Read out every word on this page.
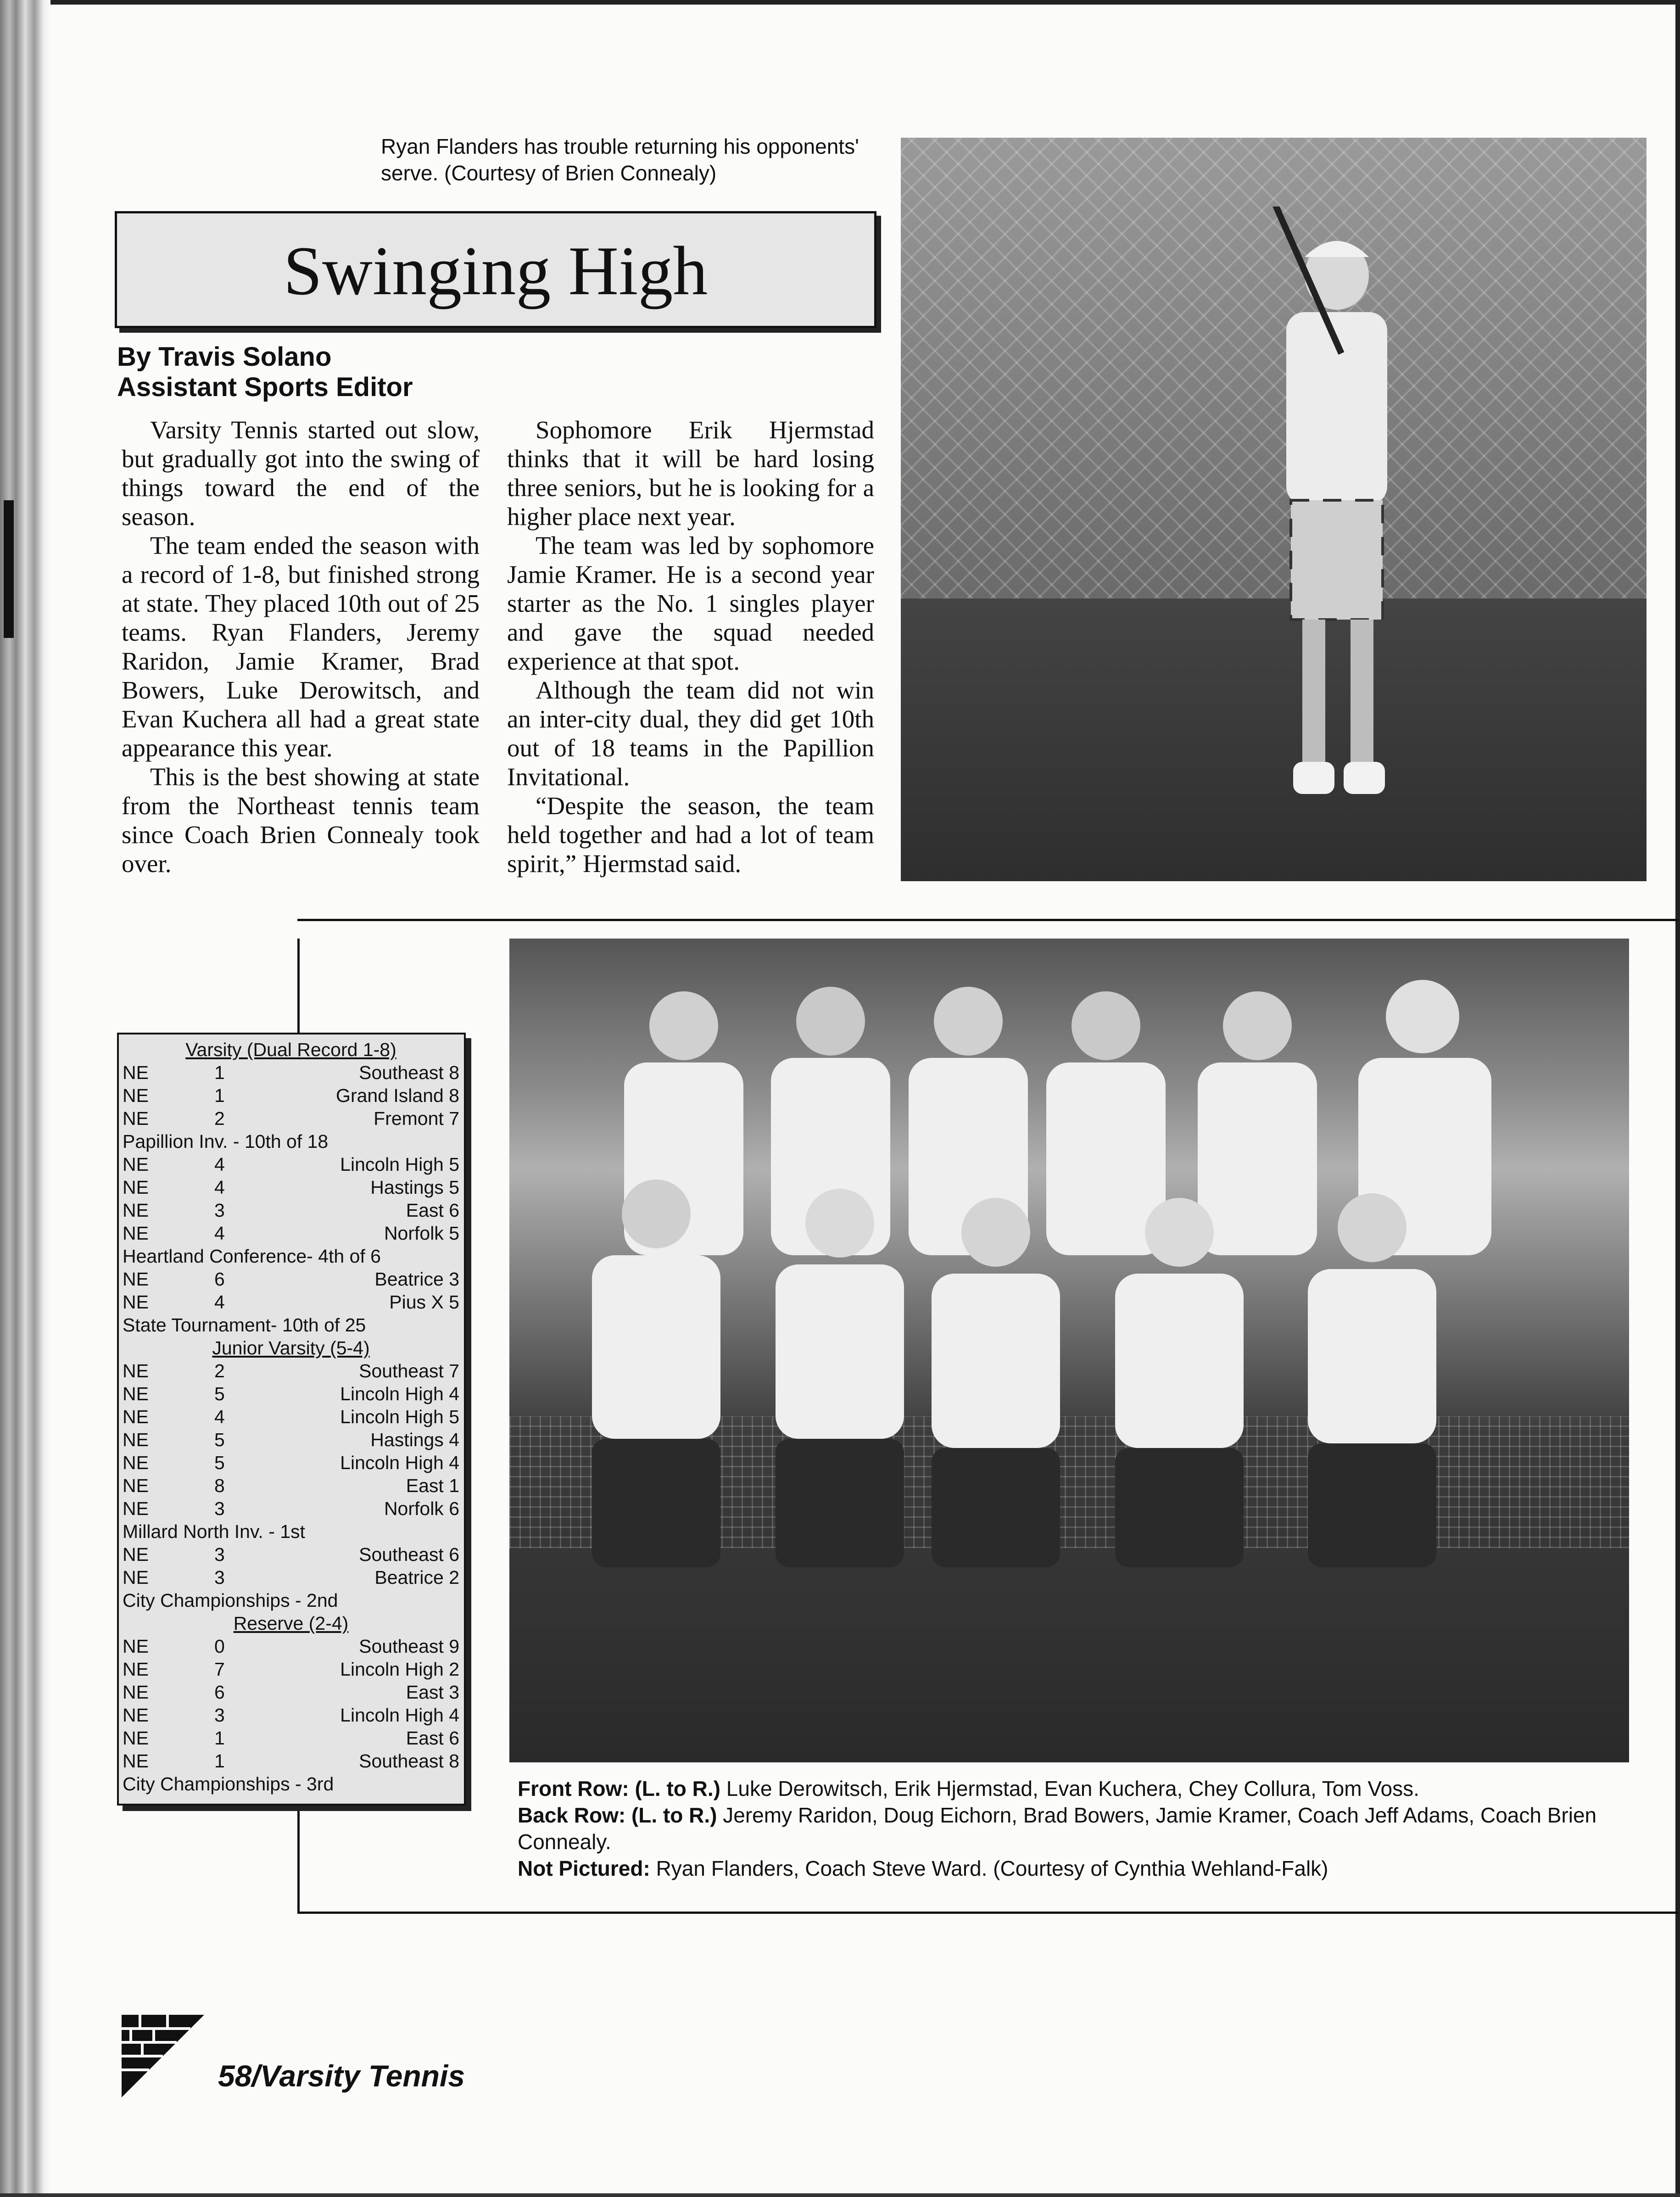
Ryan Flanders has trouble returning his opponents' serve. (Courtesy of Brien Connealy)
Swinging High
By Travis Solano
Assistant Sports Editor

Varsity Tennis started out slow, but gradually got into the swing of things toward the end of the season.

The team ended the season with a record of 1-8, but finished strong at state. They placed 10th out of 25 teams. Ryan Flanders, Jeremy Raridon, Jamie Kramer, Brad Bowers, Luke Derowitsch, and Evan Kuchera all had a great state appearance this year.

This is the best showing at state from the Northeast tennis team since Coach Brien Connealy took over.

Sophomore Erik Hjermstad thinks that it will be hard losing three seniors, but he is looking for a higher place next year.

The team was led by sophomore Jamie Kramer. He is a second year starter as the No. 1 singles player and gave the squad needed experience at that spot.

Although the team did not win an inter-city dual, they did get 10th out of 18 teams in the Papillion Invitational.

“Despite the season, the team held together and had a lot of team spirit,” Hjermstad said.

Front Row: (L. to R.) Luke Derowitsch, Erik Hjermstad, Evan Kuchera, Chey Collura, Tom Voss.
Back Row: (L. to R.) Jeremy Raridon, Doug Eichorn, Brad Bowers, Jamie Kramer, Coach Jeff Adams, Coach Brien Connealy.
Not Pictured: Ryan Flanders, Coach Steve Ward. (Courtesy of Cynthia Wehland-Falk)
Varsity (Dual Record 1-8)
NE	1	Southeast 8
NE	1	Grand Island 8
NE	2	Fremont 7
Papillion Inv. - 10th of 18
NE	4	Lincoln High 5
NE	4	Hastings 5
NE	3	East 6
NE	4	Norfolk 5
Heartland Conference- 4th of 6
NE	6	Beatrice 3
NE	4	Pius X 5
State Tournament- 10th of 25
Junior Varsity (5-4)
NE	2	Southeast 7
NE	5	Lincoln High 4
NE	4	Lincoln High 5
NE	5	Hastings 4
NE	5	Lincoln High 4
NE	8	East 1
NE	3	Norfolk 6
Millard North Inv. - 1st
NE	3	Southeast 6
NE	3	Beatrice 2
City Championships - 2nd
Reserve (2-4)
NE	0	Southeast 9
NE	7	Lincoln High 2
NE	6	East 3
NE	3	Lincoln High 4
NE	1	East 6
NE	1	Southeast 8
City Championships - 3rd
58/Varsity Tennis
